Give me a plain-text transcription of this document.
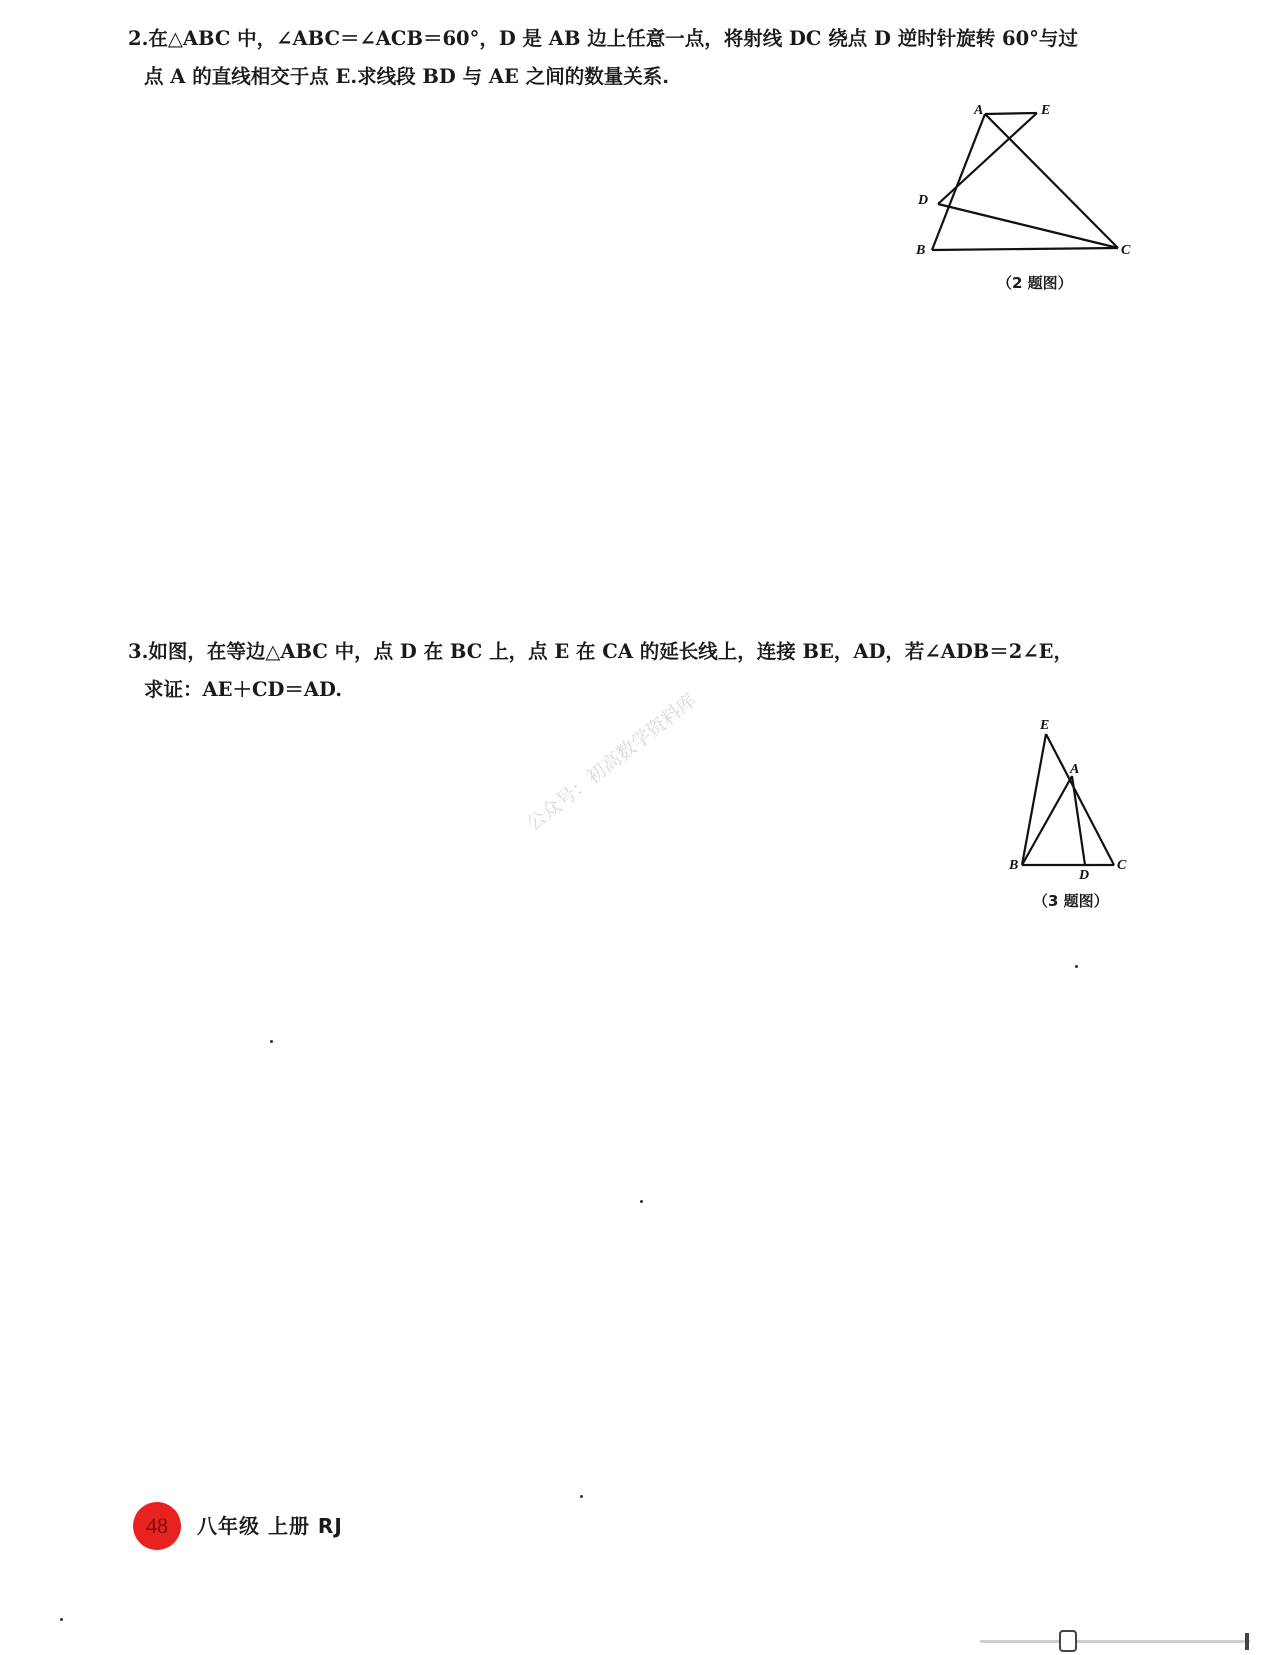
2.在△ABC 中，∠ABC＝∠ACB＝60°，D 是 AB 边上任意一点，将射线 DC 绕点 D 逆时针旋转 60°与过
点 A 的直线相交于点 E.求线段 BD 与 AE 之间的数量关系.
A	E
D
B	C
（2 题图）
3.如图，在等边△ABC 中，点 D 在 BC 上，点 E 在 CA 的延长线上，连接 BE，AD，若∠ADB＝2∠E，
求证：AE＋CD＝AD.
E
A
B
D
C
（3 题图）
公众号：初高数学资料库
48	八年级 上册 RJ
